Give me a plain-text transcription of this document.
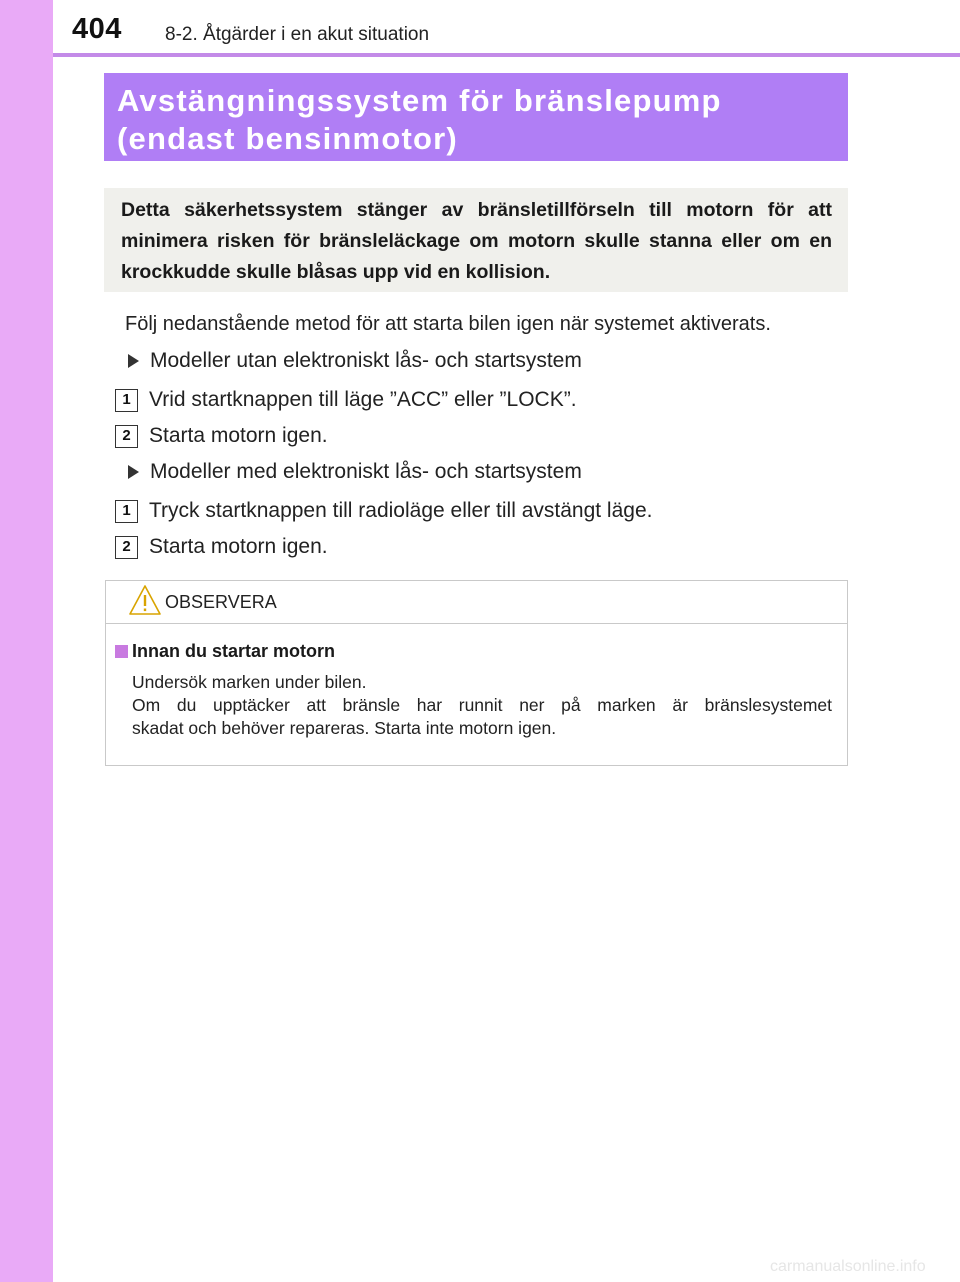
404 8-2. Åtgärder i en akut situation
Avstängningssystem för bränslepump
(endast bensinmotor)
Detta säkerhetssystem stänger av bränsletillförseln till motorn för att minimera risken för bränsleläckage om motorn skulle stanna eller om en krockkudde skulle blåsas upp vid en kollision.
Följ nedanstående metod för att starta bilen igen när systemet aktiverats.
Modeller utan elektroniskt lås- och startsystem
1 Vrid startknappen till läge ”ACC” eller ”LOCK”.
2 Starta motorn igen.
Modeller med elektroniskt lås- och startsystem
1 Tryck startknappen till radioläge eller till avstängt läge.
2 Starta motorn igen.
OBSERVERA
Innan du startar motorn

Undersök marken under bilen.

Om du upptäcker att bränsle har runnit ner på marken är bränslesystemet

skadat och behöver repareras. Starta inte motorn igen.

carmanualsonline.info
